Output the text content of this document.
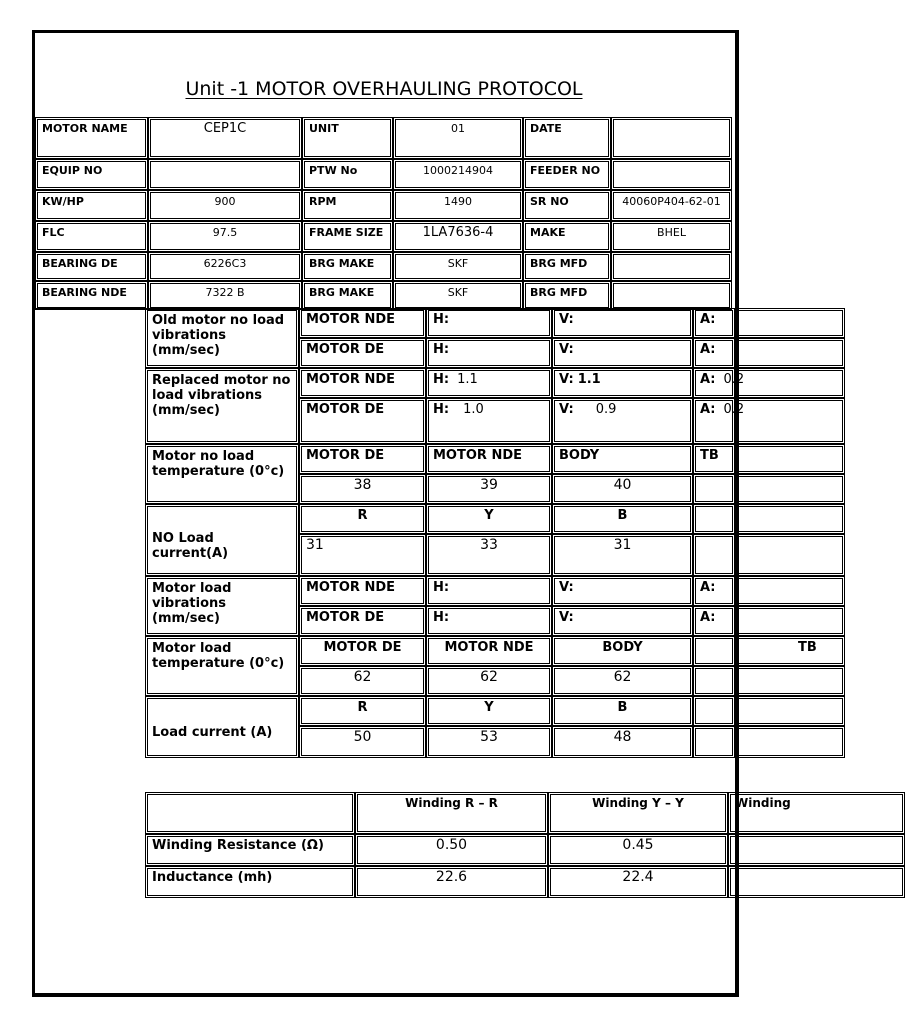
Unit -1 MOTOR OVERHAULING PROTOCOL
MOTOR NAME	CEP1C	UNIT	01	DATE	
EQUIP NO		PTW No	1000214904	FEEDER NO	
KW/HP	900	RPM	1490	SR NO	40060P404-62-01
FLC	97.5	FRAME SIZE	1LA7636-4	MAKE	BHEL
BEARING DE	6226C3	BRG MAKE	SKF	BRG MFD	
BEARING NDE	7322 B	BRG MAKE	SKF	BRG MFD	
Old motor no load vibrations (mm/sec)	MOTOR NDE	H:	V:	A:	
	MOTOR DE	H:	V:	A:	
Replaced motor no load vibrations (mm/sec)	MOTOR NDE	H: 1.1	V: 1.1	A: 0.2	
	MOTOR DE	H: 1.0	V: 0.9	A: 0.2	
Motor no load temperature (0°c)	MOTOR DE	MOTOR NDE	BODY	TB	
	38	39	40		
NO Load current(A)	R	Y	B		
	31	33	31		
Motor load vibrations (mm/sec)	MOTOR NDE	H:	V:	A:	
	MOTOR DE	H:	V:	A:	
Motor load temperature (0°c)	MOTOR DE	MOTOR NDE	BODY		TB
	62	62	62		
Load current (A)	R	Y	B		
	50	53	48		
	Winding R – R	Winding Y – Y	Winding
Winding Resistance (Ω)	0.50	0.45	
Inductance (mh)	22.6	22.4	
